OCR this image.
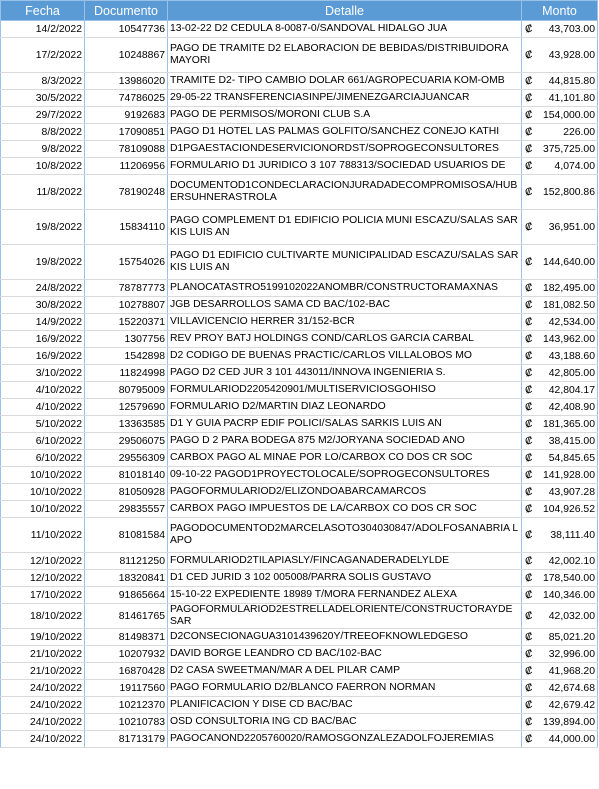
Fecha	Documento	Detalle	Monto
14/2/2022	10547736	13-02-22 D2 CEDULA 8-0087-0/SANDOVAL HIDALGO JUA	₡ 43,703.00

17/2/2022	10248867	PAGO DE TRAMITE D2 ELABORACION DE BEBIDAS/DISTRIBUIDORA MAYORI	₡ 43,928.00

8/3/2022	13986020	TRAMITE D2- TIPO CAMBIO DOLAR 661/AGROPECUARIA KOM-OMB	₡ 44,815.80

30/5/2022	74786025	29-05-22 TRANSFERENCIASINPE/JIMENEZGARCIAJUANCAR	₡ 41,101.80

29/7/2022	9192683	PAGO DE PERMISOS/MORONI CLUB S.A	₡ 154,000.00

8/8/2022	17090851	PAGO D1 HOTEL LAS PALMAS GOLFITO/SANCHEZ CONEJO KATHI	₡ 226.00

9/8/2022	78109088	D1PGAESTACIONDESERVICIONORDST/SOPROGECONSULTORES	₡ 375,725.00

10/8/2022	11206956	FORMULARIO D1 JURIDICO 3 107 788313/SOCIEDAD USUARIOS DE	₡ 4,074.00

11/8/2022	78190248	DOCUMENTOD1CONDECLARACIONJURADADECOMPROMISOSA/HUBERSUHNERASTROLA	₡ 152,800.86

19/8/2022	15834110	PAGO COMPLEMENT D1 EDIFICIO POLICIA MUNI ESCAZU/SALAS SARKIS LUIS AN	₡ 36,951.00

19/8/2022	15754026	PAGO D1 EDIFICIO CULTIVARTE MUNICIPALIDAD ESCAZU/SALAS SARKIS LUIS AN	₡ 144,640.00

24/8/2022	78787773	PLANOCATASTRO5199102022ANOMBR/CONSTRUCTORAMAXNAS	₡ 182,495.00

30/8/2022	10278807	JGB DESARROLLOS SAMA CD BAC/102-BAC	₡ 181,082.50

14/9/2022	15220371	VILLAVICENCIO HERRER 31/152-BCR	₡ 42,534.00

16/9/2022	1307756	REV PROY BATJ HOLDINGS COND/CARLOS GARCIA CARBAL	₡ 143,962.00

16/9/2022	1542898	D2 CODIGO DE BUENAS PRACTIC/CARLOS VILLALOBOS MO	₡ 43,188.60

3/10/2022	11824998	PAGO D2 CED JUR 3 101 443011/INNOVA INGENIERIA S.	₡ 42,805.00

4/10/2022	80795009	FORMULARIOD2205420901/MULTISERVICIOSGOHISO	₡ 42,804.17

4/10/2022	12579690	FORMULARIO D2/MARTIN DIAZ LEONARDO	₡ 42,408.90

5/10/2022	13363585	D1 Y GUIA PACRP EDIF POLICI/SALAS SARKIS LUIS AN	₡ 181,365.00

6/10/2022	29506075	PAGO D 2 PARA BODEGA 875 M2/JORYANA SOCIEDAD ANO	₡ 38,415.00

6/10/2022	29556309	CARBOX PAGO AL MINAE POR LO/CARBOX CO DOS CR SOC	₡ 54,845.65

10/10/2022	81018140	09-10-22 PAGOD1PROYECTOLOCALE/SOPROGECONSULTORES	₡ 141,928.00

10/10/2022	81050928	PAGOFORMULARIOD2/ELIZONDOABARCAMARCOS	₡ 43,907.28

10/10/2022	29835557	CARBOX PAGO IMPUESTOS DE LA/CARBOX CO DOS CR SOC	₡ 104,926.52

11/10/2022	81081584	PAGODOCUMENTOD2MARCELASOTO304030847/ADOLFOSANABRIA LAPO	₡ 38,111.40

12/10/2022	81121250	FORMULARIOD2TILAPIASLY/FINCAGANADERADELYLDE	₡ 42,002.10

12/10/2022	18320841	D1 CED JURID 3 102 005008/PARRA SOLIS GUSTAVO	₡ 178,540.00

17/10/2022	91865664	15-10-22 EXPEDIENTE 18989 T/MORA FERNANDEZ ALEXA	₡ 140,346.00

18/10/2022	81461765	PAGOFORMULARIOD2ESTRELLADELORIENTE/CONSTRUCTORAYDESAR	₡ 42,032.00

19/10/2022	81498371	D2CONSECIONAGUA3101439620Y/TREEOFKNOWLEDGESO	₡ 85,021.20

21/10/2022	10207932	DAVID BORGE LEANDRO CD BAC/102-BAC	₡ 32,996.00

21/10/2022	16870428	D2 CASA SWEETMAN/MAR A DEL PILAR CAMP	₡ 41,968.20

24/10/2022	19117560	PAGO FORMULARIO D2/BLANCO FAERRON NORMAN	₡ 42,674.68

24/10/2022	10212370	PLANIFICACION Y DISE CD BAC/BAC	₡ 42,679.42

24/10/2022	10210783	OSD CONSULTORIA ING CD BAC/BAC	₡ 139,894.00

24/10/2022	81713179	PAGOCANOND2205760020/RAMOSGONZALEZADOLFOJEREMIAS	₡ 44,000.00
